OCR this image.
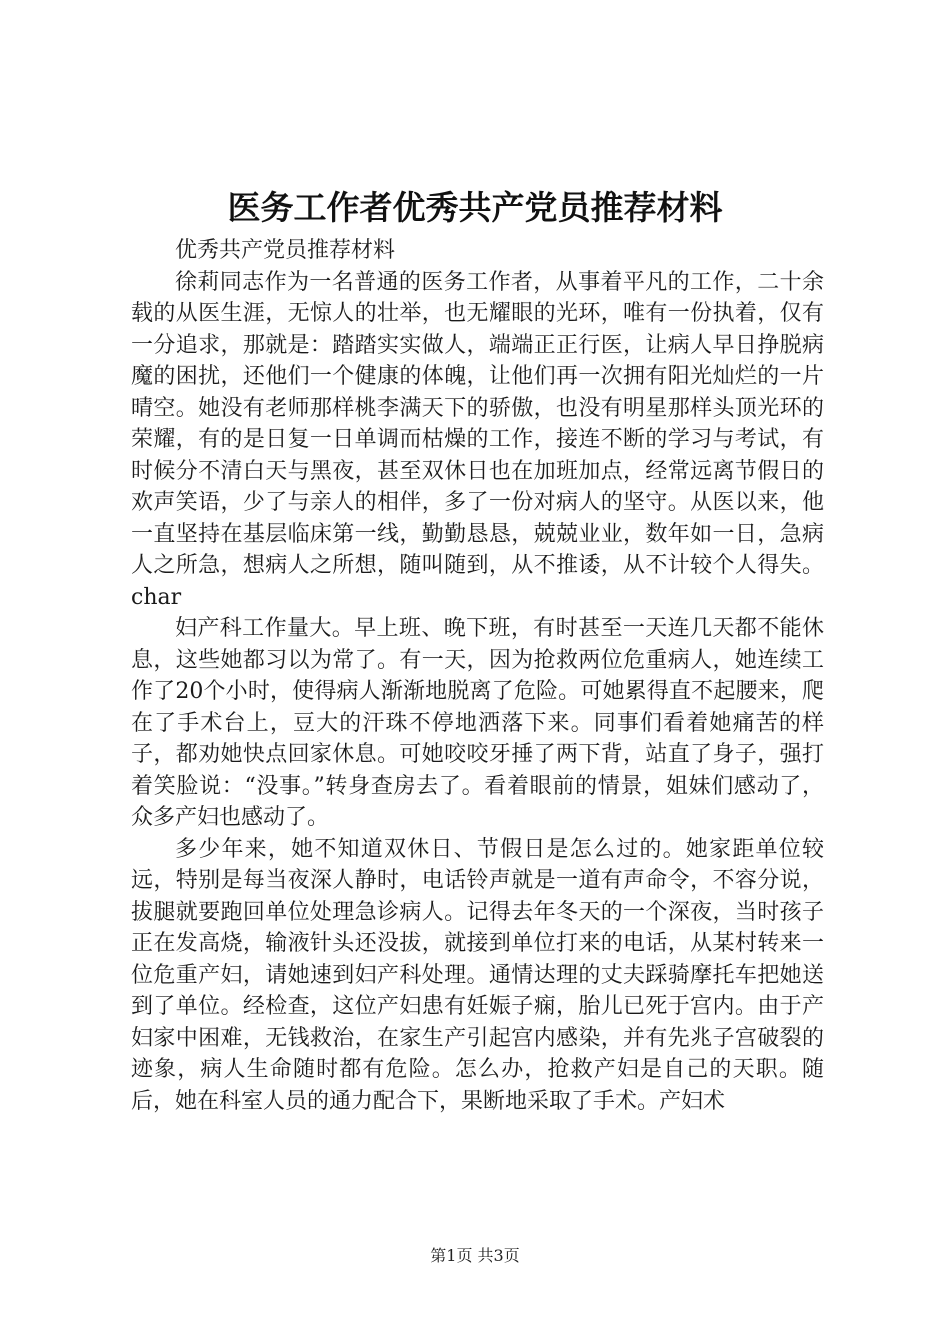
医务工作者优秀共产党员推荐材料

优秀共产党员推荐材料

徐莉同志作为一名普通的医务工作者，从事着平凡的工作，二十余载的从医生涯，无惊人的壮举，也无耀眼的光环，唯有一份执着，仅有一分追求，那就是：踏踏实实做人，端端正正行医，让病人早日挣脱病魔的困扰，还他们一个健康的体魄，让他们再一次拥有阳光灿烂的一片晴空。她没有老师那样桃李满天下的骄傲，也没有明星那样头顶光环的荣耀，有的是日复一日单调而枯燥的工作，接连不断的学习与考试，有时候分不清白天与黑夜，甚至双休日也在加班加点，经常远离节假日的欢声笑语，少了与亲人的相伴，多了一份对病人的坚守。从医以来，他一直坚持在基层临床第一线，勤勤恳恳，兢兢业业，数年如一日，急病人之所急，想病人之所想，随叫随到，从不推诿，从不计较个人得失。char

妇产科工作量大。早上班、晚下班，有时甚至一天连几天都不能休息，这些她都习以为常了。有一天，因为抢救两位危重病人，她连续工作了20个小时，使得病人渐渐地脱离了危险。可她累得直不起腰来，爬在了手术台上，豆大的汗珠不停地洒落下来。同事们看着她痛苦的样子，都劝她快点回家休息。可她咬咬牙捶了两下背，站直了身子，强打着笑脸说：“没事。”转身查房去了。看着眼前的情景，姐妹们感动了，众多产妇也感动了。

多少年来，她不知道双休日、节假日是怎么过的。她家距单位较远，特别是每当夜深人静时，电话铃声就是一道有声命令，不容分说，拔腿就要跑回单位处理急诊病人。记得去年冬天的一个深夜，当时孩子正在发高烧，输液针头还没拔，就接到单位打来的电话，从某村转来一位危重产妇，请她速到妇产科处理。通情达理的丈夫踩骑摩托车把她送到了单位。经检查，这位产妇患有妊娠子痫，胎儿已死于宫内。由于产妇家中困难，无钱救治，在家生产引起宫内感染，并有先兆子宫破裂的迹象，病人生命随时都有危险。怎么办，抢救产妇是自己的天职。随后，她在科室人员的通力配合下，果断地采取了手术。产妇术

第1页 共3页
